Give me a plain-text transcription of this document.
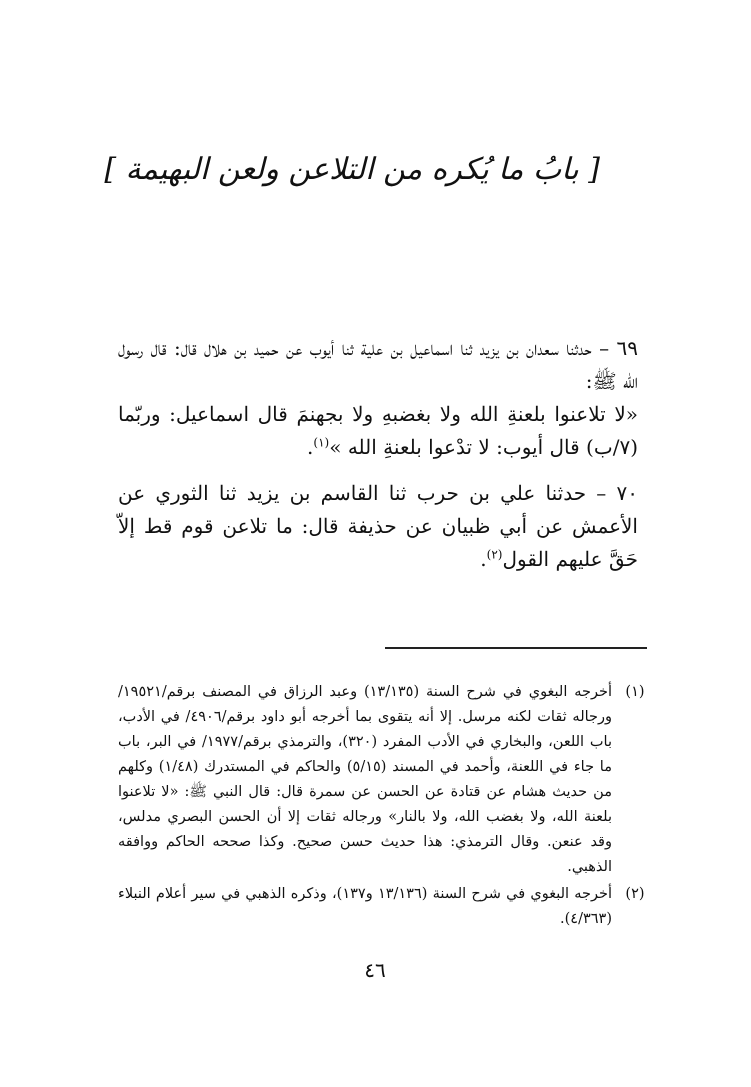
[ بابُ ما يُكره من التلاعن ولعن البهيمة ]

٦٩ – حدثنا سعدان بن يزيد ثنا اسماعيل بن علية ثنا أيوب عن حميد بن هلال قال: قال رسول الله ﷺ:
«لا تلاعنوا بلعنةِ الله ولا بغضبهِ ولا بجهنمَ قال اسماعيل: وربّما (٧/ب) قال أيوب: لا تدْعوا بلعنةِ الله »$^{(١)}$.

٧٠ – حدثنا علي بن حرب ثنا القاسم بن يزيد ثنا الثوري عن الأعمش عن أبي ظبيان عن حذيفة قال: ما تلاعن قوم قط إلاّ حَقَّ عليهم القول$^{(٢)}$.

(١)
أخرجه البغوي في شرح السنة (١٣/١٣٥) وعبد الرزاق في المصنف برقم/١٩٥٢١/ ورجاله ثقات لكنه مرسل. إلا أنه يتقوى بما أخرجه أبو داود برقم/٤٩٠٦/ في الأدب، باب اللعن، والبخاري في الأدب المفرد (٣٢٠)، والترمذي برقم/١٩٧٧/ في البر، باب ما جاء في اللعنة، وأحمد في المسند (٥/١٥) والحاكم في المستدرك (١/٤٨) وكلهم من حديث هشام عن قتادة عن الحسن عن سمرة قال: قال النبي ﷺ: «لا تلاعنوا بلعنة الله، ولا بغضب الله، ولا بالنار» ورجاله ثقات إلا أن الحسن البصري مدلس، وقد عنعن. وقال الترمذي: هذا حديث حسن صحيح. وكذا صححه الحاكم ووافقه الذهبي.
(٢)
أخرجه البغوي في شرح السنة (١٣/١٣٦ و١٣٧)، وذكره الذهبي في سير أعلام النبلاء (٤/٣٦٣).
٤٦
